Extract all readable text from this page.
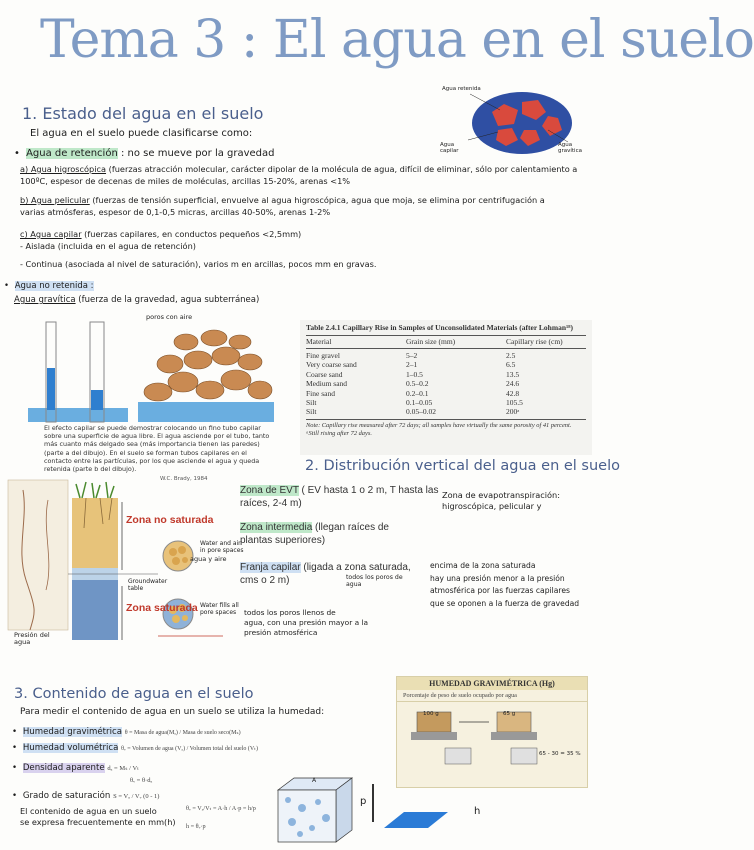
Tema 3 : El agua en el suelo
Agua retenida
Agua capilar
Agua gravítica
1. Estado del agua en el suelo
El agua en el suelo puede clasificarse como:
• Agua de retención : no se mueve por la gravedad
a) Agua higroscópica (fuerzas atracción molecular, carácter dipolar de la molécula de agua, difícil de eliminar, sólo por calentamiento a
100ºC, espesor de decenas de miles de moléculas, arcillas 15-20%, arenas <1%
b) Agua pelicular (fuerzas de tensión superficial, envuelve al agua higroscópica, agua que moja, se elimina por centrifugación a
varias atmósferas, espesor de 0,1-0,5 micras, arcillas 40-50%, arenas 1-2%
c) Agua capilar (fuerzas capilares, en conductos pequeños <2,5mm)
- Aislada (incluida en el agua de retención)
- Continua (asociada al nivel de saturación), varios m en arcillas, pocos mm en gravas.
• Agua no retenida :
Agua gravítica (fuerza de la gravedad, agua subterránea)
poros con aire
El efecto capilar se puede demostrar colocando un fino tubo capilar sobre una superficie de agua libre. El agua asciende por el tubo, tanto más cuanto más delgado sea (más importancia tienen las paredes) (parte a del dibujo). En el suelo se forman tubos capilares en el contacto entre las partículas, por los que asciende el agua y queda retenida (parte b del dibujo).
W.C. Brady, 1984
Table 2.4.1 Capillary Rise in Samples of Unconsolidated Materials (after Lohman¹⁸)
Material	Grain size (mm)	Capillary rise (cm)
Fine gravel	5–2	2.5
Very coarse sand	2–1	6.5
Coarse sand	1–0.5	13.5
Medium sand	0.5–0.2	24.6
Fine sand	0.2–0.1	42.8
Silt	0.1–0.05	105.5
Silt	0.05–0.02	200ᵃ
Note: Capillary rise measured after 72 days; all samples have virtually the same porosity of 41 percent.
ᵃStill rising after 72 days.
2. Distribución vertical del agua en el suelo
Zona no saturada
Zona saturada
Water and air in pore spaces
Groundwater table
Water fills all pore spaces
Presión del agua
Zona de EVT ( EV hasta 1 o 2 m, T hasta las raíces, 2-4 m)
Zona de evapotranspiración:
higroscópica, pelicular y
Zona intermedia (llegan raíces de plantas superiores)
agua y aire
Franja capilar (ligada a zona saturada, cms o 2 m)	todos los poros de agua
encima de la zona saturada
hay una presión menor a la presión
atmosférica por las fuerzas capilares
que se oponen a la fuerza de gravedad
todos los poros llenos de
agua, con una presión mayor a la
presión atmosférica
3. Contenido de agua en el suelo
Para medir el contenido de agua en un suelo se utiliza la humedad:
• Humedad gravimétrica θ = Masa de agua(Mₐ) / Masa de suelo seco(Mₛ)
• Humedad volumétrica θᵥ = Volumen de agua (Vₐ) / Volumen total del suelo (Vₜ)
• Densidad aparente dₐ = Mₛ / Vₜ
θᵥ = θ·dₐ
• Grado de saturación S = Vₐ / Vᵥ (0 - 1)
El contenido de agua en un suelo
se expresa frecuentemente en mm(h)
θᵥ = Vₐ/Vₜ = A·h / A·p = h/p
h = θᵥ·p
A
p
h
HUMEDAD GRAVIMÉTRICA (Hg)
Porcentaje de peso de suelo ocupado por agua
100 g	65 g
65 - 30 = 35 %
